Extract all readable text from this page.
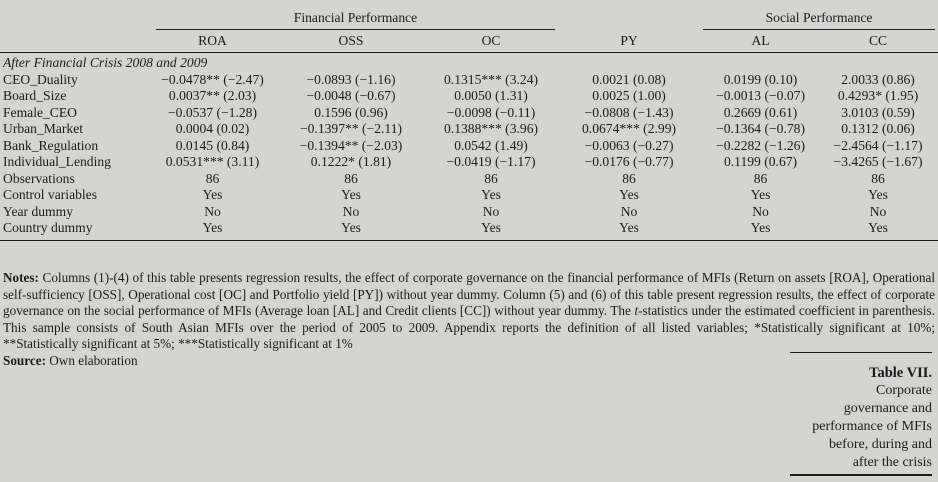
	Financial Performance				Social Performance	

	ROA	OSS	OC	PY	AL	CC
After Financial Crisis 2008 and 2009						
CEO_Duality	−0.0478** (−2.47)	−0.0893 (−1.16)	0.1315*** (3.24)	0.0021 (0.08)	0.0199 (0.10)	2.0033 (0.86)
Board_Size	0.0037** (2.03)	−0.0048 (−0.67)	0.0050 (1.31)	0.0025 (1.00)	−0.0013 (−0.07)	0.4293* (1.95)
Female_CEO	−0.0537 (−1.28)	0.1596 (0.96)	−0.0098 (−0.11)	−0.0808 (−1.43)	0.2669 (0.61)	3.0103 (0.59)
Urban_Market	0.0004 (0.02)	−0.1397** (−2.11)	0.1388*** (3.96)	0.0674*** (2.99)	−0.1364 (−0.78)	0.1312 (0.06)
Bank_Regulation	0.0145 (0.84)	−0.1394** (−2.03)	0.0542 (1.49)	−0.0063 (−0.27)	−0.2282 (−1.26)	−2.4564 (−1.17)
Individual_Lending	0.0531*** (3.11)	0.1222* (1.81)	−0.0419 (−1.17)	−0.0176 (−0.77)	0.1199 (0.67)	−3.4265 (−1.67)
Observations	86	86	86	86	86	86
Control variables	Yes	Yes	Yes	Yes	Yes	Yes
Year dummy	No	No	No	No	No	No
Country dummy	Yes	Yes	Yes	Yes	Yes	Yes
Notes: Columns (1)-(4) of this table presents regression results, the effect of corporate governance on the financial performance of MFIs (Return on assets [ROA], Operational self-sufficiency [OSS], Operational cost [OC] and Portfolio yield [PY]) without year dummy. Column (5) and (6) of this table present regression results, the effect of corporate governance on the social performance of MFIs (Average loan [AL] and Credit clients [CC]) without year dummy. The t-statistics under the estimated coefficient in parenthesis. This sample consists of South Asian MFIs over the period of 2005 to 2009. Appendix reports the definition of all listed variables; *Statistically significant at 10%; **Statistically significant at 5%; ***Statistically significant at 1%
Source: Own elaboration
Table VII.
Corporate
governance and
performance of MFIs
before, during and
after the crisis
